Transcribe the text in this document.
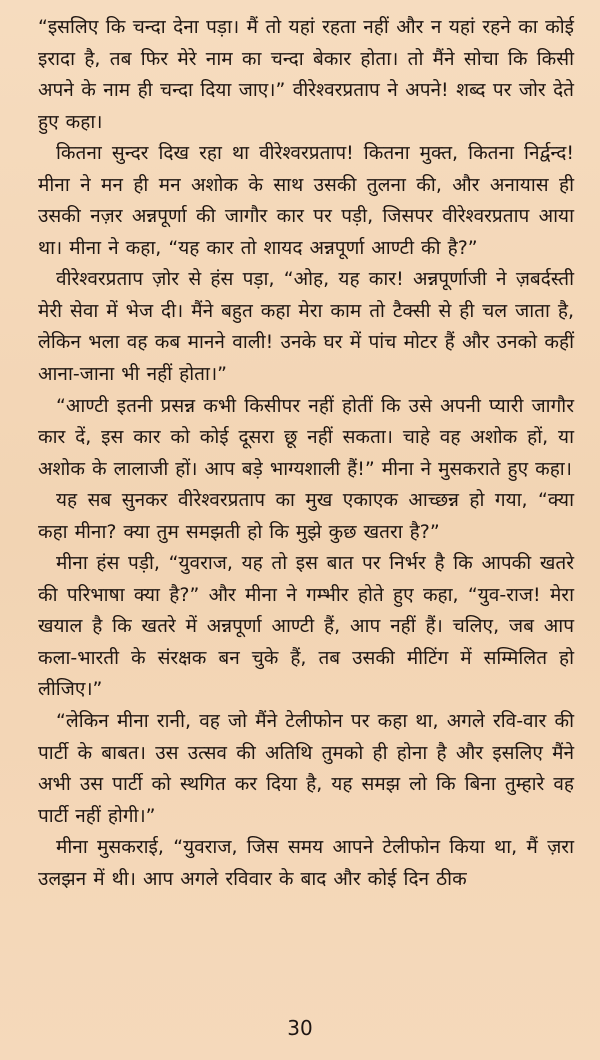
“इसलिए कि चन्दा देना पड़ा। मैं तो यहां रहता नहीं और न यहां रहने का कोई इरादा है, तब फिर मेरे नाम का चन्दा बेकार होता। तो मैंने सोचा कि किसी अपने के नाम ही चन्दा दिया जाए।” वीरेश्वरप्रताप ने अपने! शब्द पर जोर देते हुए कहा।

कितना सुन्दर दिख रहा था वीरेश्वरप्रताप! कितना मुक्त, कितना निर्द्वन्द! मीना ने मन ही मन अशोक के साथ उसकी तुलना की, और अनायास ही उसकी नज़र अन्नपूर्णा की जागौर कार पर पड़ी, जिसपर वीरेश्वरप्रताप आया था। मीना ने कहा, “यह कार तो शायद अन्नपूर्णा आण्टी की है?”

वीरेश्वरप्रताप ज़ोर से हंस पड़ा, “ओह, यह कार! अन्नपूर्णाजी ने ज़बर्दस्ती मेरी सेवा में भेज दी। मैंने बहुत कहा मेरा काम तो टैक्सी से ही चल जाता है, लेकिन भला वह कब मानने वाली! उनके घर में पांच मोटर हैं और उनको कहीं आना-जाना भी नहीं होता।”

“आण्टी इतनी प्रसन्न कभी किसीपर नहीं होतीं कि उसे अपनी प्यारी जागौर कार दें, इस कार को कोई दूसरा छू नहीं सकता। चाहे वह अशोक हों, या अशोक के लालाजी हों। आप बड़े भाग्यशाली हैं!” मीना ने मुसकराते हुए कहा।

यह सब सुनकर वीरेश्वरप्रताप का मुख एकाएक आच्छन्न हो गया, “क्या कहा मीना? क्या तुम समझती हो कि मुझे कुछ खतरा है?”

मीना हंस पड़ी, “युवराज, यह तो इस बात पर निर्भर है कि आपकी खतरे की परिभाषा क्या है?” और मीना ने गम्भीर होते हुए कहा, “युव-राज! मेरा खयाल है कि खतरे में अन्नपूर्णा आण्टी हैं, आप नहीं हैं। चलिए, जब आप कला-भारती के संरक्षक बन चुके हैं, तब उसकी मीटिंग में सम्मिलित हो लीजिए।”

“लेकिन मीना रानी, वह जो मैंने टेलीफोन पर कहा था, अगले रवि-वार की पार्टी के बाबत। उस उत्सव की अतिथि तुमको ही होना है और इसलिए मैंने अभी उस पार्टी को स्थगित कर दिया है, यह समझ लो कि बिना तुम्हारे वह पार्टी नहीं होगी।”

मीना मुसकराई, “युवराज, जिस समय आपने टेलीफोन किया था, मैं ज़रा उलझन में थी। आप अगले रविवार के बाद और कोई दिन ठीक

30
